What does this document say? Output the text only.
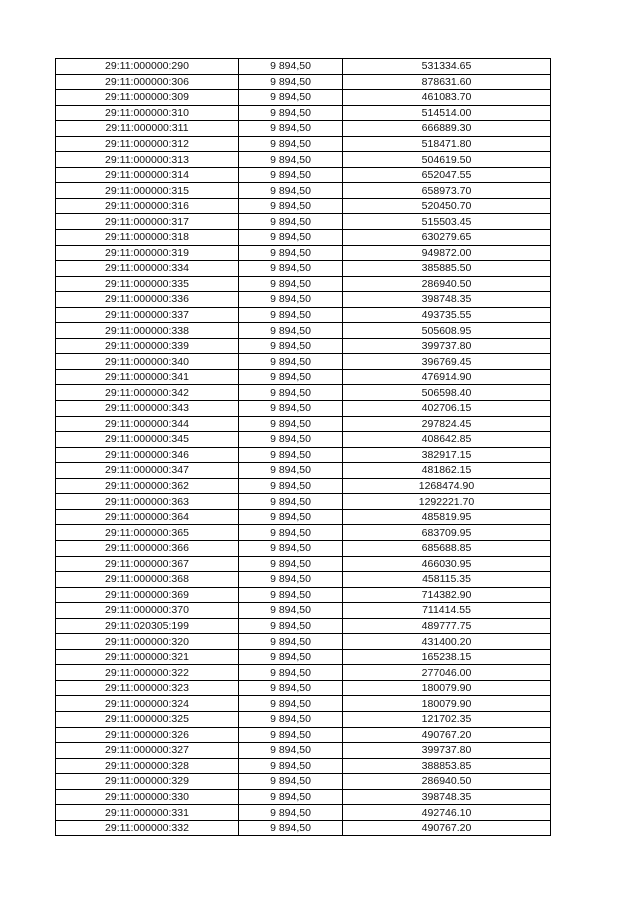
29:11:000000:290	9 894,50	531334.65
29:11:000000:306	9 894,50	878631.60
29:11:000000:309	9 894,50	461083.70
29:11:000000:310	9 894,50	514514.00
29:11:000000:311	9 894,50	666889.30
29:11:000000:312	9 894,50	518471.80
29:11:000000:313	9 894,50	504619.50
29:11:000000:314	9 894,50	652047.55
29:11:000000:315	9 894,50	658973.70
29:11:000000:316	9 894,50	520450.70
29:11:000000:317	9 894,50	515503.45
29:11:000000:318	9 894,50	630279.65
29:11:000000:319	9 894,50	949872.00
29:11:000000:334	9 894,50	385885.50
29:11:000000:335	9 894,50	286940.50
29:11:000000:336	9 894,50	398748.35
29:11:000000:337	9 894,50	493735.55
29:11:000000:338	9 894,50	505608.95
29:11:000000:339	9 894,50	399737.80
29:11:000000:340	9 894,50	396769.45
29:11:000000:341	9 894,50	476914.90
29:11:000000:342	9 894,50	506598.40
29:11:000000:343	9 894,50	402706.15
29:11:000000:344	9 894,50	297824.45
29:11:000000:345	9 894,50	408642.85
29:11:000000:346	9 894,50	382917.15
29:11:000000:347	9 894,50	481862.15
29:11:000000:362	9 894,50	1268474.90
29:11:000000:363	9 894,50	1292221.70
29:11:000000:364	9 894,50	485819.95
29:11:000000:365	9 894,50	683709.95
29:11:000000:366	9 894,50	685688.85
29:11:000000:367	9 894,50	466030.95
29:11:000000:368	9 894,50	458115.35
29:11:000000:369	9 894,50	714382.90
29:11:000000:370	9 894,50	711414.55
29:11:020305:199	9 894,50	489777.75
29:11:000000:320	9 894,50	431400.20
29:11:000000:321	9 894,50	165238.15
29:11:000000:322	9 894,50	277046.00
29:11:000000:323	9 894,50	180079.90
29:11:000000:324	9 894,50	180079.90
29:11:000000:325	9 894,50	121702.35
29:11:000000:326	9 894,50	490767.20
29:11:000000:327	9 894,50	399737.80
29:11:000000:328	9 894,50	388853.85
29:11:000000:329	9 894,50	286940.50
29:11:000000:330	9 894,50	398748.35
29:11:000000:331	9 894,50	492746.10
29:11:000000:332	9 894,50	490767.20
